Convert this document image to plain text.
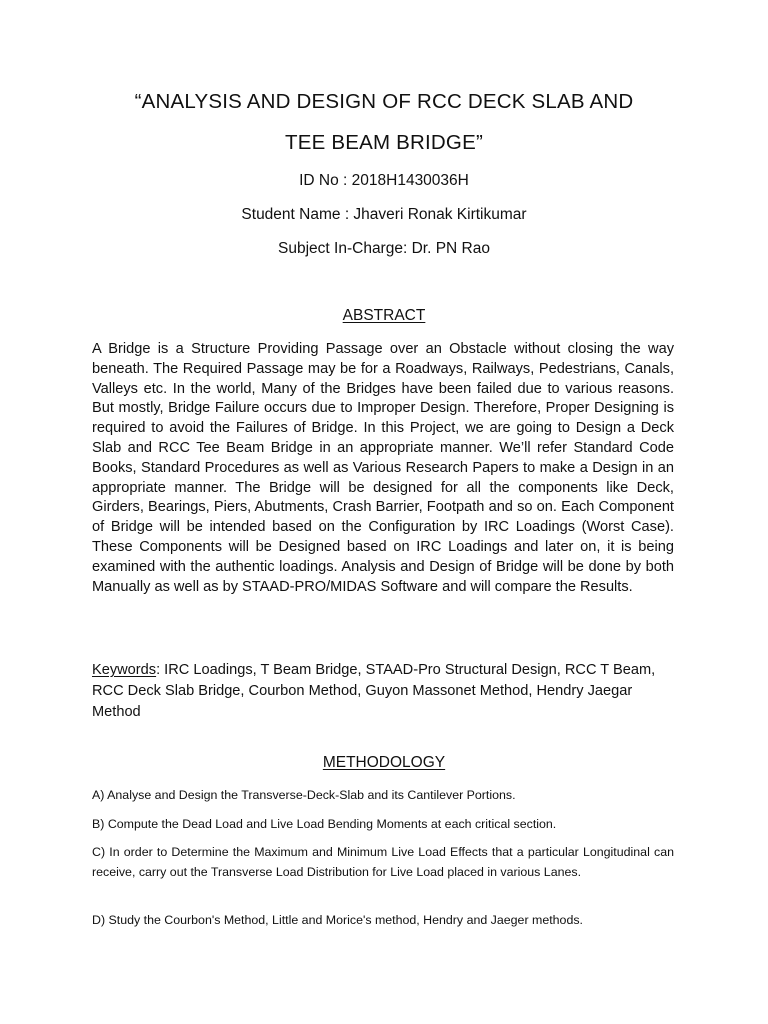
“ANALYSIS AND DESIGN OF RCC DECK SLAB AND
TEE BEAM BRIDGE”
ID No : 2018H1430036H
Student Name : Jhaveri Ronak Kirtikumar
Subject In-Charge: Dr. PN Rao
ABSTRACT
A Bridge is a Structure Providing Passage over an Obstacle without closing the way beneath. The Required Passage may be for a Roadways, Railways, Pedestrians, Canals, Valleys etc. In the world, Many of the Bridges have been failed due to various reasons. But mostly, Bridge Failure occurs due to Improper Design. Therefore, Proper Designing is required to avoid the Failures of Bridge. In this Project, we are going to Design a Deck Slab and RCC Tee Beam Bridge in an appropriate manner. We’ll refer Standard Code Books, Standard Procedures as well as Various Research Papers to make a Design in an appropriate manner. The Bridge will be designed for all the components like Deck, Girders, Bearings, Piers, Abutments, Crash Barrier, Footpath and so on. Each Component of Bridge will be intended based on the Configuration by IRC Loadings (Worst Case). These Components will be Designed based on IRC Loadings and later on, it is being examined with the authentic loadings. Analysis and Design of Bridge will be done by both Manually as well as by STAAD-PRO/MIDAS Software and will compare the Results.
Keywords: IRC Loadings, T Beam Bridge, STAAD-Pro Structural Design, RCC T Beam, RCC Deck Slab Bridge, Courbon Method, Guyon Massonet Method, Hendry Jaegar Method
METHODOLOGY
A) Analyse and Design the Transverse-Deck-Slab and its Cantilever Portions.
B) Compute the Dead Load and Live Load Bending Moments at each critical section.
C) In order to Determine the Maximum and Minimum Live Load Effects that a particular Longitudinal can receive, carry out the Transverse Load Distribution for Live Load placed in various Lanes.
D) Study the Courbon's Method, Little and Morice's method, Hendry and Jaeger methods.
